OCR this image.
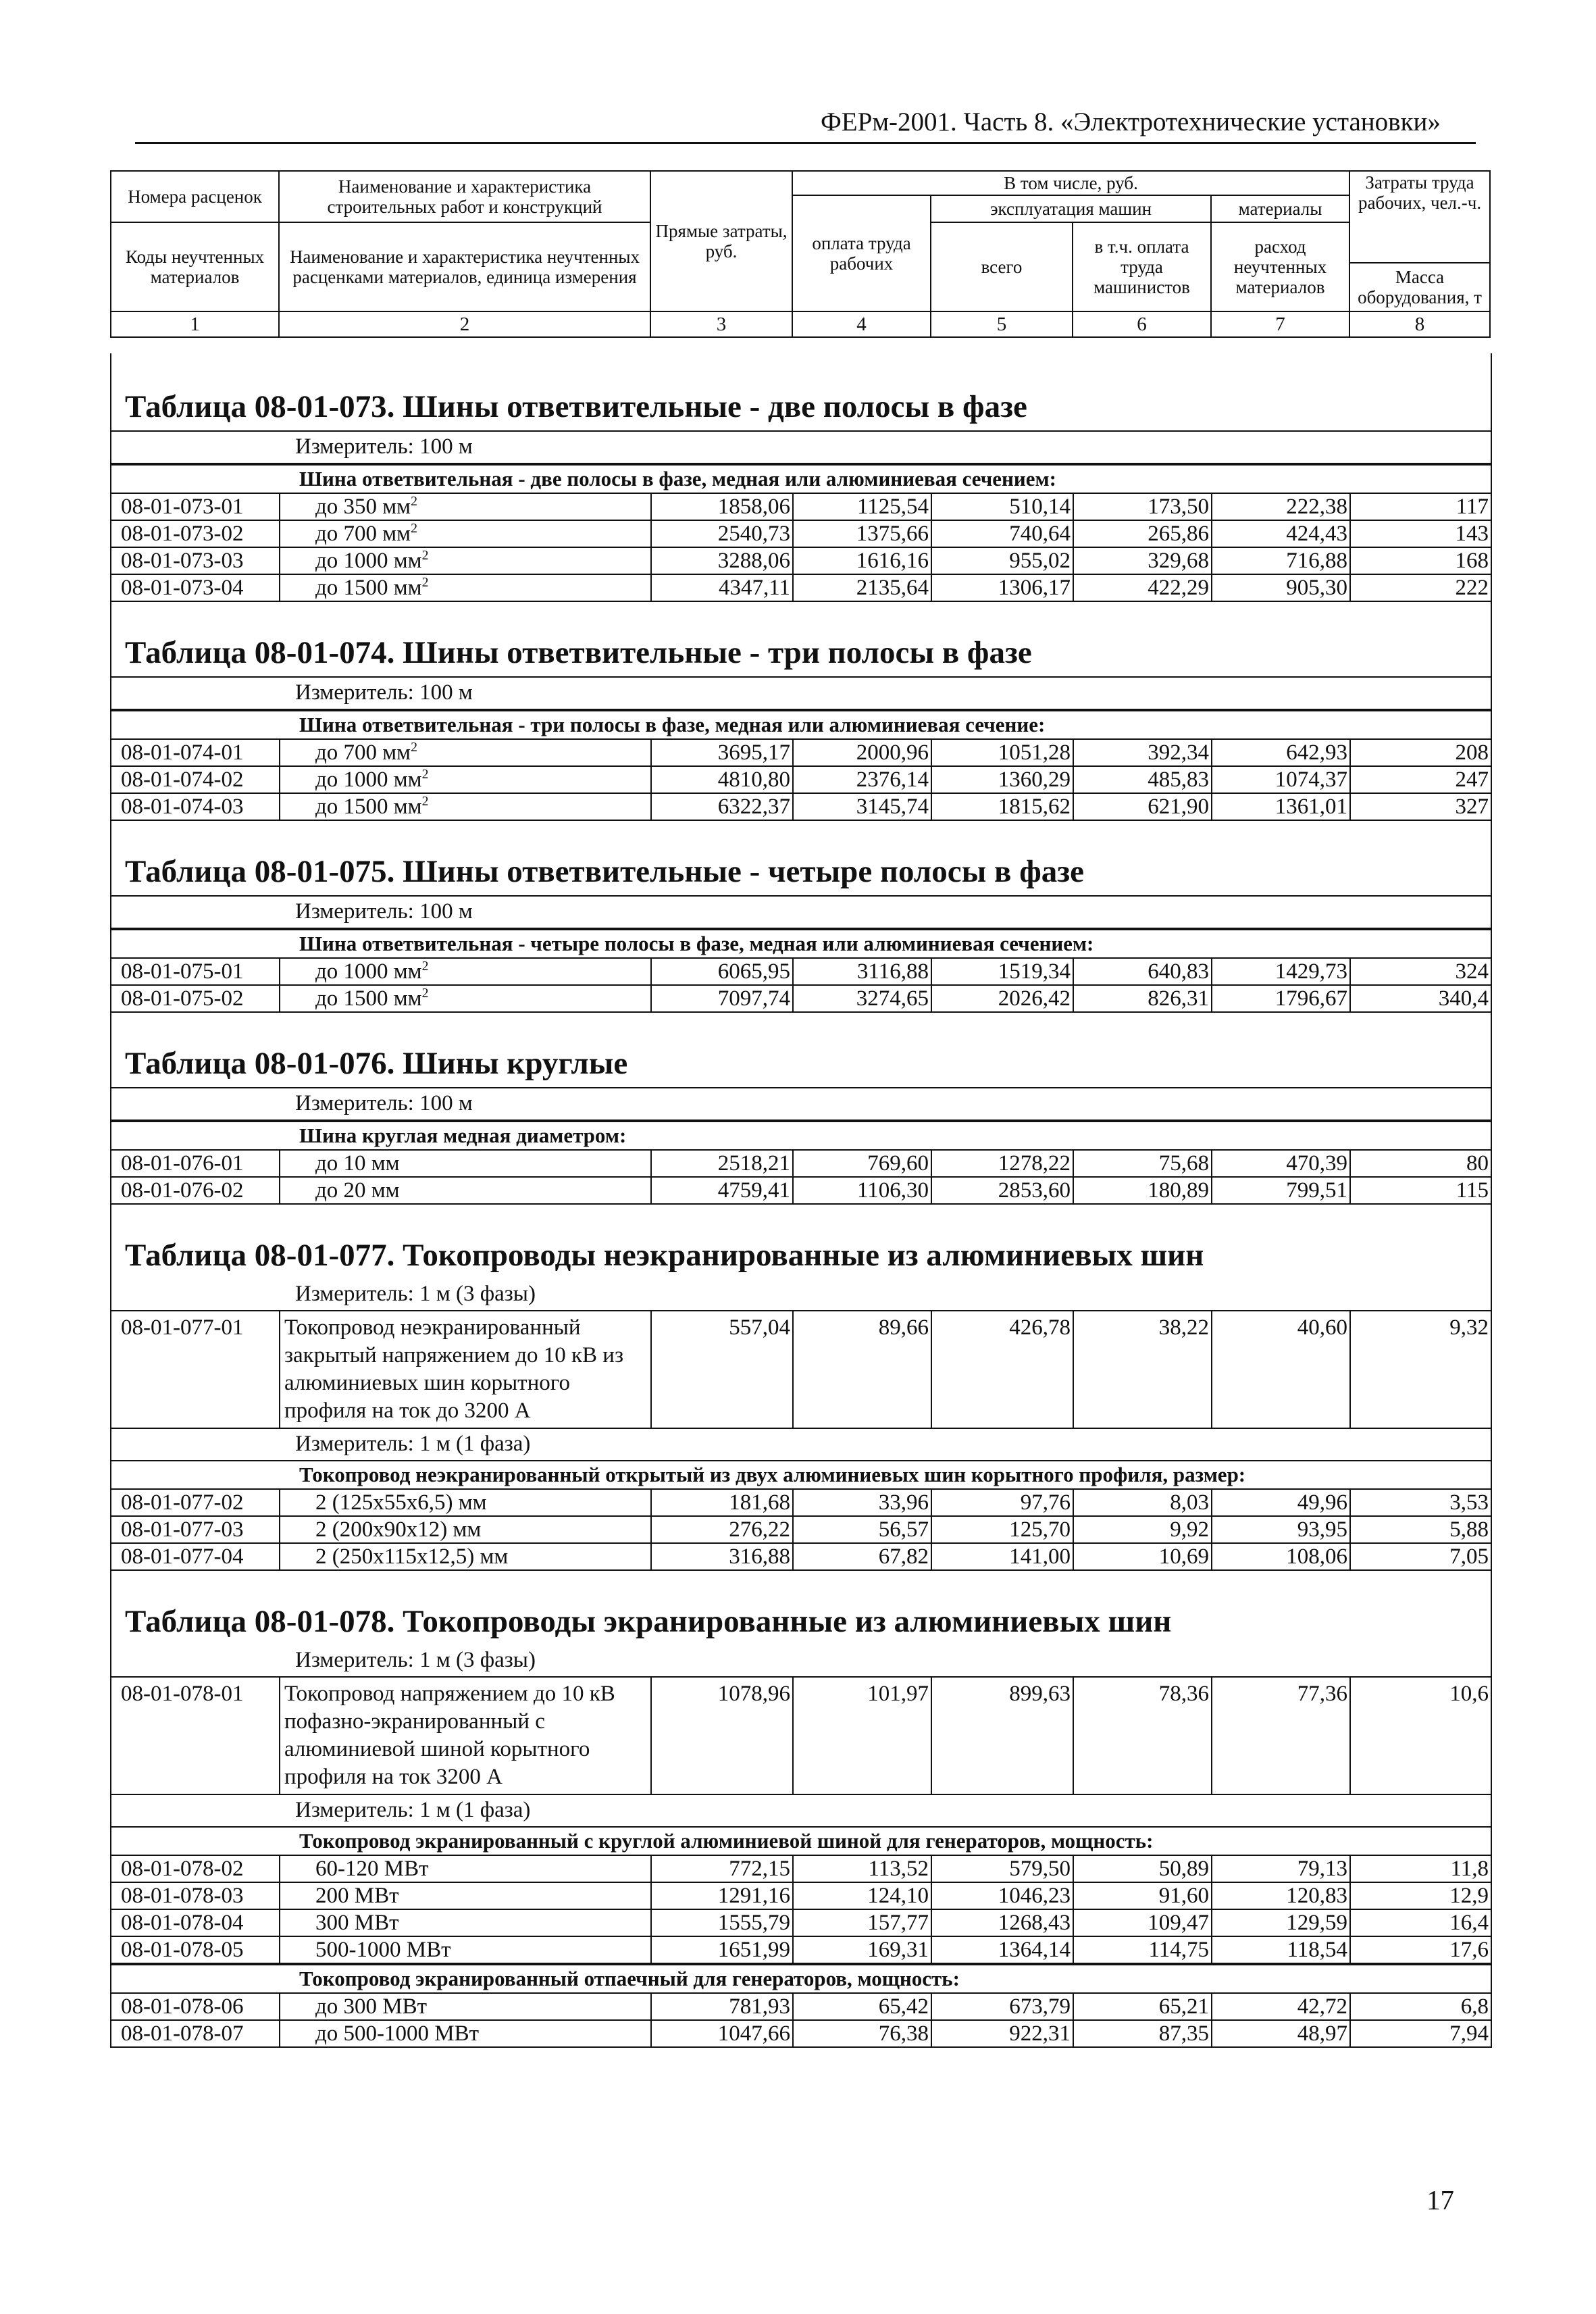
ФЕРм-2001. Часть 8. «Электротехнические установки»
Номера расценок	Наименование и характеристика строительных работ и конструкций	Прямые затраты, руб.	В том числе, руб.				Затраты труда рабочих, чел.-ч.
			оплата труда рабочих	эксплуатация машин		материалы	
Коды неучтенных материалов	Наименование и характеристика неучтенных расценками материалов, единица измерения			всего	в т.ч. оплата труда машинистов	расход неучтенных материалов	
							Масса оборудования, т
1	2	3	4	5	6	7	8
Таблица 08-01-073. Шины ответвительные - две полосы в фазе
Измеритель: 100 м
Шина ответвительная - две полосы в фазе, медная или алюминиевая сечением:
08-01-073-01	до 350 $мм^2$	1858,06	1125,54	510,14	173,50	222,38	117
08-01-073-02	до 700 $мм^2$	2540,73	1375,66	740,64	265,86	424,43	143
08-01-073-03	до 1000 $мм^2$	3288,06	1616,16	955,02	329,68	716,88	168
08-01-073-04	до 1500 $мм^2$	4347,11	2135,64	1306,17	422,29	905,30	222
Таблица 08-01-074. Шины ответвительные - три полосы в фазе
Измеритель: 100 м
Шина ответвительная - три полосы в фазе, медная или алюминиевая сечение:
08-01-074-01	до 700 $мм^2$	3695,17	2000,96	1051,28	392,34	642,93	208
08-01-074-02	до 1000 $мм^2$	4810,80	2376,14	1360,29	485,83	1074,37	247
08-01-074-03	до 1500 $мм^2$	6322,37	3145,74	1815,62	621,90	1361,01	327
Таблица 08-01-075. Шины ответвительные - четыре полосы в фазе
Измеритель: 100 м
Шина ответвительная - четыре полосы в фазе, медная или алюминиевая сечением:
08-01-075-01	до 1000 $мм^2$	6065,95	3116,88	1519,34	640,83	1429,73	324
08-01-075-02	до 1500 $мм^2$	7097,74	3274,65	2026,42	826,31	1796,67	340,4
Таблица 08-01-076. Шины круглые
Измеритель: 100 м
Шина круглая медная диаметром:
08-01-076-01	до 10 мм	2518,21	769,60	1278,22	75,68	470,39	80
08-01-076-02	до 20 мм	4759,41	1106,30	2853,60	180,89	799,51	115
Таблица 08-01-077. Токопроводы неэкранированные из алюминиевых шин
Измеритель: 1 м (3 фазы)
08-01-077-01	Токопровод неэкранированный закрытый напряжением до 10 кВ из алюминиевых шин корытного профиля на ток до 3200 А	557,04	89,66	426,78	38,22	40,60	9,32
Измеритель: 1 м (1 фаза)
Токопровод неэкранированный открытый из двух алюминиевых шин корытного профиля, размер:
08-01-077-02	2 (125x55x6,5) мм	181,68	33,96	97,76	8,03	49,96	3,53
08-01-077-03	2 (200x90x12) мм	276,22	56,57	125,70	9,92	93,95	5,88
08-01-077-04	2 (250x115x12,5) мм	316,88	67,82	141,00	10,69	108,06	7,05
Таблица 08-01-078. Токопроводы экранированные из алюминиевых шин
Измеритель: 1 м (3 фазы)
08-01-078-01	Токопровод напряжением до 10 кВ пофазно-экранированный с алюминиевой шиной корытного профиля на ток 3200 А	1078,96	101,97	899,63	78,36	77,36	10,6
Измеритель: 1 м (1 фаза)
Токопровод экранированный с круглой алюминиевой шиной для генераторов, мощность:
08-01-078-02	60-120 МВт	772,15	113,52	579,50	50,89	79,13	11,8
08-01-078-03	200 МВт	1291,16	124,10	1046,23	91,60	120,83	12,9
08-01-078-04	300 МВт	1555,79	157,77	1268,43	109,47	129,59	16,4
08-01-078-05	500-1000 МВт	1651,99	169,31	1364,14	114,75	118,54	17,6
Токопровод экранированный отпаечный для генераторов, мощность:
08-01-078-06	до 300 МВт	781,93	65,42	673,79	65,21	42,72	6,8
08-01-078-07	до 500-1000 МВт	1047,66	76,38	922,31	87,35	48,97	7,94
17
